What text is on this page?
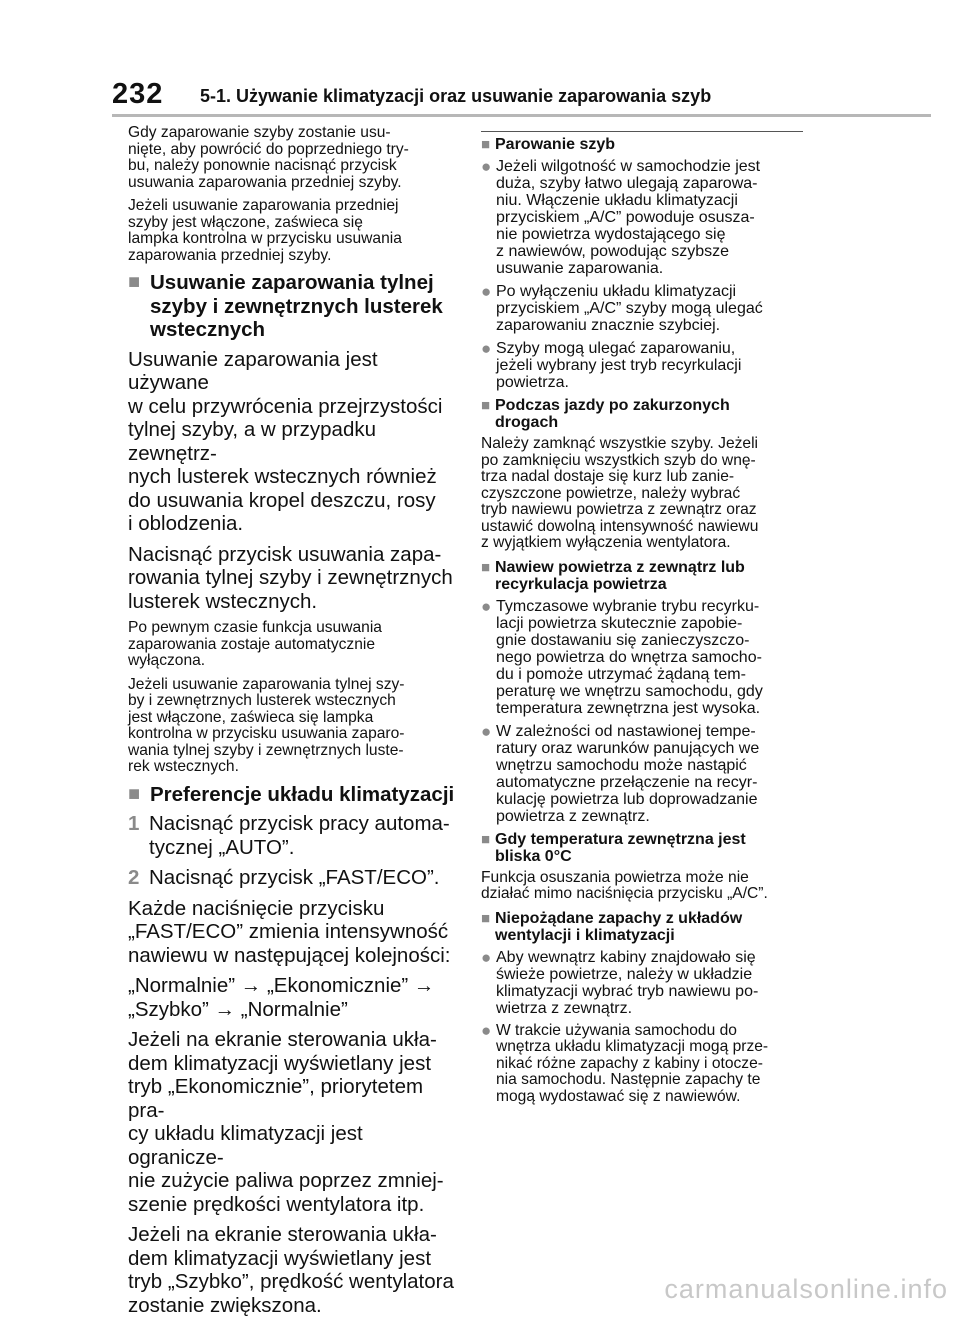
232 5-1. Używanie klimatyzacji oraz usuwanie zaparowania szyb

Gdy zaparowanie szyby zostanie usu-
nięte, aby powrócić do poprzedniego try-
bu, należy ponownie nacisnąć przycisk
usuwania zaparowania przedniej szyby.

Jeżeli usuwanie zaparowania przedniej
szyby jest włączone, zaświeca się
lampka kontrolna w przycisku usuwania
zaparowania przedniej szyby.

■ Usuwanie zaparowania tylnej
szyby i zewnętrznych lusterek
wstecznych

Usuwanie zaparowania jest używane
w celu przywrócenia przejrzystości
tylnej szyby, a w przypadku zewnętrz-
nych lusterek wstecznych również
do usuwania kropel deszczu, rosy
i oblodzenia.

Nacisnąć przycisk usuwania zapa-
rowania tylnej szyby i zewnętrznych
lusterek wstecznych.

Po pewnym czasie funkcja usuwania
zaparowania zostaje automatycznie
wyłączona.

Jeżeli usuwanie zaparowania tylnej szy-
by i zewnętrznych lusterek wstecznych
jest włączone, zaświeca się lampka
kontrolna w przycisku usuwania zaparo-
wania tylnej szyby i zewnętrznych luste-
rek wstecznych.

■ Preferencje układu klimatyzacji
1 Nacisnąć przycisk pracy automa-
tycznej „AUTO”.
2 Nacisnąć przycisk „FAST/ECO”.

Każde naciśnięcie przycisku
„FAST/ECO” zmienia intensywność
nawiewu w następującej kolejności:

„Normalnie” → „Ekonomicznie” →
„Szybko” → „Normalnie”

Jeżeli na ekranie sterowania ukła-
dem klimatyzacji wyświetlany jest
tryb „Ekonomicznie”, priorytetem pra-
cy układu klimatyzacji jest ogranicze-
nie zużycie paliwa poprzez zmniej-
szenie prędkości wentylatora itp.

Jeżeli na ekranie sterowania ukła-
dem klimatyzacji wyświetlany jest
tryb „Szybko”, prędkość wentylatora
zostanie zwiększona.

■ Parowanie szyb
● Jeżeli wilgotność w samochodzie jest
duża, szyby łatwo ulegają zaparowa-
niu. Włączenie układu klimatyzacji
przyciskiem „A/C” powoduje osusza-
nie powietrza wydostającego się
z nawiewów, powodując szybsze
usuwanie zaparowania.
● Po wyłączeniu układu klimatyzacji
przyciskiem „A/C” szyby mogą ulegać
zaparowaniu znacznie szybciej.
● Szyby mogą ulegać zaparowaniu,
jeżeli wybrany jest tryb recyrkulacji
powietrza.
■ Podczas jazdy po zakurzonych
drogach

Należy zamknąć wszystkie szyby. Jeżeli
po zamknięciu wszystkich szyb do wnę-
trza nadal dostaje się kurz lub zanie-
czyszczone powietrze, należy wybrać
tryb nawiewu powietrza z zewnątrz oraz
ustawić dowolną intensywność nawiewu
z wyjątkiem wyłączenia wentylatora.

■ Nawiew powietrza z zewnątrz lub
recyrkulacja powietrza
● Tymczasowe wybranie trybu recyrku-
lacji powietrza skutecznie zapobie-
gnie dostawaniu się zanieczyszczo-
nego powietrza do wnętrza samocho-
du i pomoże utrzymać żądaną tem-
peraturę we wnętrzu samochodu, gdy
temperatura zewnętrzna jest wysoka.
● W zależności od nastawionej tempe-
ratury oraz warunków panujących we
wnętrzu samochodu może nastąpić
automatyczne przełączenie na recyr-
kulację powietrza lub doprowadzanie
powietrza z zewnątrz.
■ Gdy temperatura zewnętrzna jest
bliska 0°C

Funkcja osuszania powietrza może nie
działać mimo naciśnięcia przycisku „A/C”.

■ Niepożądane zapachy z układów
wentylacji i klimatyzacji
● Aby wewnątrz kabiny znajdowało się
świeże powietrze, należy w układzie
klimatyzacji wybrać tryb nawiewu po-
wietrza z zewnątrz.
● W trakcie używania samochodu do
wnętrza układu klimatyzacji mogą prze-
nikać różne zapachy z kabiny i otocze-
nia samochodu. Następnie zapachy te
mogą wydostawać się z nawiewów.
carmanualsonline.info
